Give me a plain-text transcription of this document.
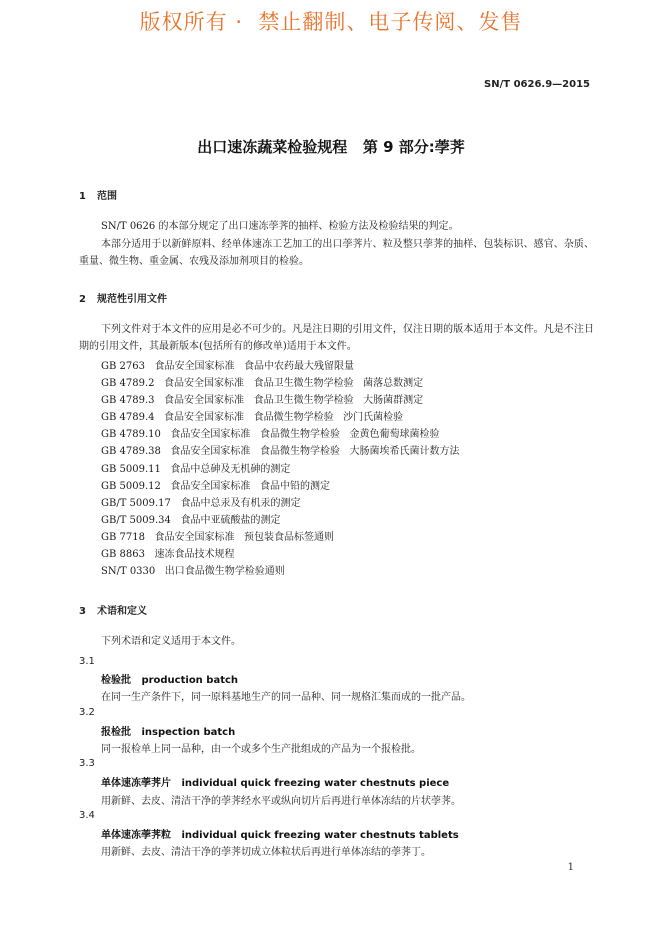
版权所有 ·  禁止翻制、电子传阅、发售
SN/T 0626.9—2015
出口速冻蔬菜检验规程   第 9 部分:荸荠
1 范围
SN/T 0626 的本部分规定了出口速冻荸荠的抽样、检验方法及检验结果的判定。
本部分适用于以新鲜原料、经单体速冻工艺加工的出口荸荠片、粒及整只荸荠的抽样、包装标识、感官、杂质、重量、微生物、重金属、农残及添加剂项目的检验。
2 规范性引用文件
下列文件对于本文件的应用是必不可少的。凡是注日期的引用文件，仅注日期的版本适用于本文件。凡是不注日期的引用文件，其最新版本(包括所有的修改单)适用于本文件。
GB 2763   食品安全国家标准   食品中农药最大残留限量
GB 4789.2   食品安全国家标准   食品卫生微生物学检验   菌落总数测定
GB 4789.3   食品安全国家标准   食品卫生微生物学检验   大肠菌群测定
GB 4789.4   食品安全国家标准   食品微生物学检验   沙门氏菌检验
GB 4789.10   食品安全国家标准   食品微生物学检验   金黄色葡萄球菌检验
GB 4789.38   食品安全国家标准   食品微生物学检验   大肠菌埃希氏菌计数方法
GB 5009.11   食品中总砷及无机砷的测定
GB 5009.12   食品安全国家标准   食品中铅的测定
GB/T 5009.17   食品中总汞及有机汞的测定
GB/T 5009.34   食品中亚硫酸盐的测定
GB 7718   食品安全国家标准   预包装食品标签通则
GB 8863   速冻食品技术规程
SN/T 0330   出口食品微生物学检验通则
3 术语和定义
下列术语和定义适用于本文件。
3.1
检验批   production batch
在同一生产条件下，同一原料基地生产的同一品种、同一规格汇集而成的一批产品。
3.2
报检批   inspection batch
同一报检单上同一品种，由一个或多个生产批组成的产品为一个报检批。
3.3
单体速冻荸荠片   individual quick freezing water chestnuts piece
用新鲜、去皮、清洁干净的荸荠经水平或纵向切片后再进行单体冻结的片状荸荠。
3.4
单体速冻荸荠粒   individual quick freezing water chestnuts tablets
用新鲜、去皮、清洁干净的荸荠切成立体粒状后再进行单体冻结的荸荠丁。
1
